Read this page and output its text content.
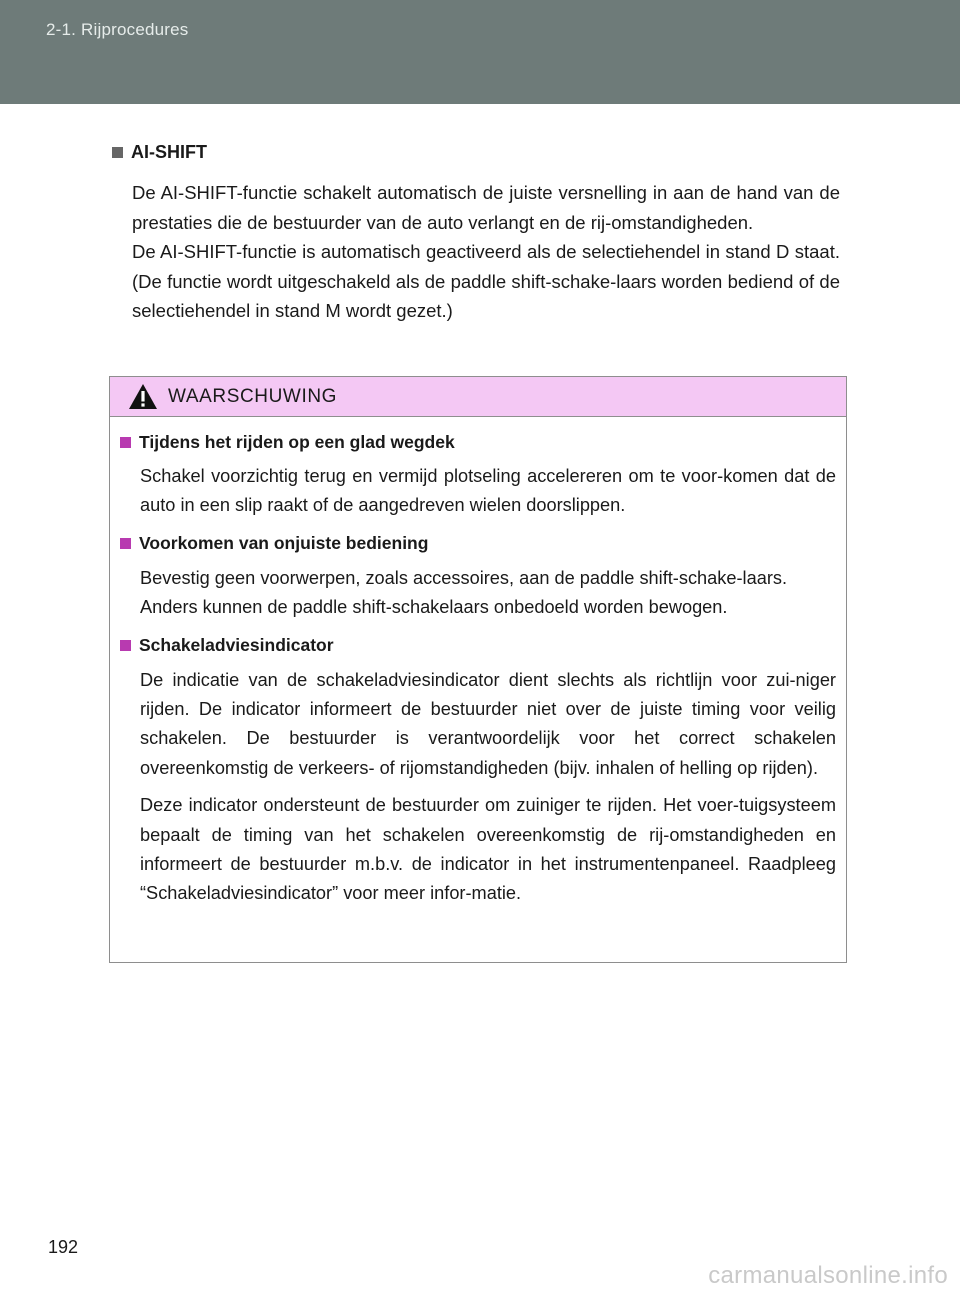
2-1. Rijprocedures
AI-SHIFT

De AI-SHIFT-functie schakelt automatisch de juiste versnelling in aan de hand van de prestaties die de bestuurder van de auto verlangt en de rij-omstandigheden.

De AI-SHIFT-functie is automatisch geactiveerd als de selectiehendel in stand D staat. (De functie wordt uitgeschakeld als de paddle shift-schake-laars worden bediend of de selectiehendel in stand M wordt gezet.)

WAARSCHUWING
Tijdens het rijden op een glad wegdek

Schakel voorzichtig terug en vermijd plotseling accelereren om te voor-komen dat de auto in een slip raakt of de aangedreven wielen doorslippen.

Voorkomen van onjuiste bediening

Bevestig geen voorwerpen, zoals accessoires, aan de paddle shift-schake-laars.

Anders kunnen de paddle shift-schakelaars onbedoeld worden bewogen.

Schakeladviesindicator

De indicatie van de schakeladviesindicator dient slechts als richtlijn voor zui-niger rijden. De indicator informeert de bestuurder niet over de juiste timing voor veilig schakelen. De bestuurder is verantwoordelijk voor het correct schakelen overeenkomstig de verkeers- of rijomstandigheden (bijv. inhalen of helling op rijden).

Deze indicator ondersteunt de bestuurder om zuiniger te rijden. Het voer-tuigsysteem bepaalt de timing van het schakelen overeenkomstig de rij-omstandigheden en informeert de bestuurder m.b.v. de indicator in het instrumentenpaneel. Raadpleeg “Schakeladviesindicator” voor meer infor-matie.

192
carmanualsonline.info
